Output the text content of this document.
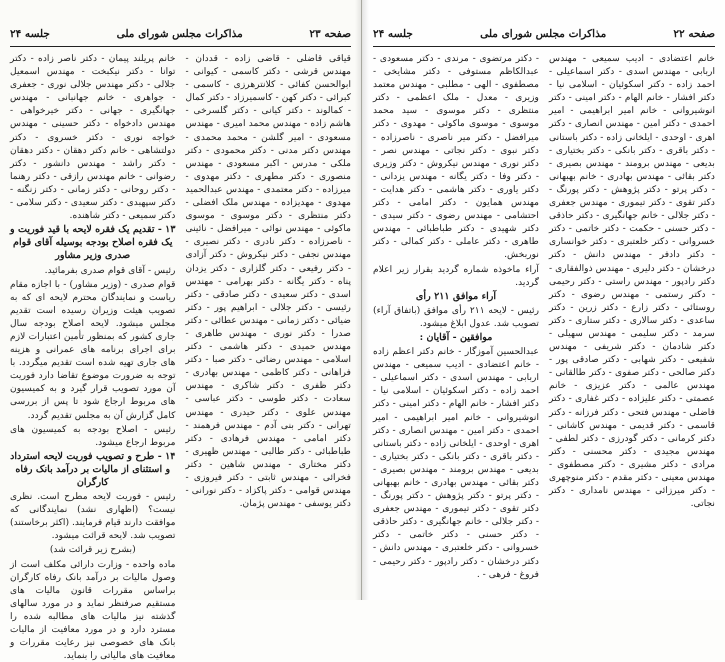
صفحه ۲۳
مذاکرات مجلس شورای ملی
جلسه ۲۴

قیاقی قاضلی - قاضی زاده - قددان - مهندس قرشی - دکتر کاسمی - کیوانی - ابوالحسن کفائی - کلانترهرزی - کاسمی - کبرائی - دکتر کهن - کاسمیرزاد - دکتر کمال - کمالوند - دکتر کیانی - دکتر گلسرخی - هاشم زاده - مهندس محمد امیری - مهندس مسعودی - امیر گلشن - محمد محمدی - مهندس دکتر مدنی - دکتر محمودی - دکتر ملکی - مدرس - اکبر مسعودی - مهندس منصوری - دکتر مطهری - دکتر مهدوی - میرزاده - دکتر معتمدی - مهندس عبدالحمید مهدوی - مهدیزاده - مهندس ملک افضلی - دکتر منتظری - دکتر موسوی - موسوی ماکوئی - مهندس نوائی - میرافضل - نائینی - ناصرزاده - دکتر نادری - دکتر نصیری - مهندس نجفی - دکتر نیکروش - دکتر آزادی - دکتر رفیعی - دکتر گلزاری - دکتر یزدان پناه - دکتر یگانه - دکتر بهرامی - مهندس اسدی - دکتر سعیدی - دکتر صادقی - دکتر رئیسی - دکتر جلالی - ابراهیم پور - دکتر ضیائی - دکتر زمانی - مهندس عطائی - دکتر صدرا - دکتر نوری - مهندس طاهری - مهندس حمیدی - دکتر هاشمی - دکتر اسلامی - مهندس رضائی - دکتر صبا - دکتر فراهانی - دکتر کاظمی - مهندس بهادری - دکتر ظفری - دکتر شاکری - مهندس سعادت - دکتر طوسی - دکتر عباسی - مهندس علوی - دکتر حیدری - مهندس تهرانی - دکتر بنی آدم - مهندس فرهمند - دکتر امامی - مهندس فرهادی - دکتر طباطبائی - دکتر طالبی - مهندس ظهیری - دکتر مختاری - مهندس شاهین - دکتر فخرائی - مهندس ثابتی - دکتر فیروزی - مهندس قوامی - دکتر پاکزاد - دکتر نورانی - دکتر یوسفی - مهندس پژمان.

خانم پریلند پیمان - دکتر ناصر زاده - دکتر توانا - دکتر نیکبخت - مهندس اسمعیل جلالی - دکتر مهندس جلالی نوری - جعفری - جواهری - خانم جهانبانی - مهندس جهانگیری - جهانی - دکتر خیرخواهی - مهندس دادخواه - دکتر حسینی - مهندس خواجه نوری - دکتر خسروی - دکتر دولتشاهی - خانم دکتر دهقان - دکتر دهقان - دکتر راشد - مهندس دانشور - دکتر رضوانی - خانم مهندس رازقی - دکتر رهنما - دکتر روحانی - دکتر زمانی - دکتر زنگنه - دکتر سپهبدی - دکتر سعیدی - دکتر سلامی - دکتر سمیعی - دکتر شاهنده.

۱۳ - تقدیم یک فقره لایحه با قید فوریت و یک فقره اصلاح بودجه بوسیله آقای قوام صدری وزیر مشاور

رئیس - آقای قوام صدری بفرمائید.

قوام صدری - (وزیر مشاور) - با اجازه مقام ریاست و نمایندگان محترم لایحه ای که به تصویب هیئت وزیران رسیده است تقدیم مجلس میشود. لایحه اصلاح بودجه سال جاری کشور که بمنظور تأمین اعتبارات لازم برای اجرای برنامه های عمرانی و هزینه های جاری تهیه شده است تقدیم میگردد. با توجه به ضرورت موضوع تقاضا دارد فوریت آن مورد تصویب قرار گیرد و به کمیسیون های مربوط ارجاع شود تا پس از بررسی کامل گزارش آن به مجلس تقدیم گردد.

رئیس - اصلاح بودجه به کمیسیون های مربوط ارجاع میشود.

۱۴ - طرح و تصویب فوریت لایحه استرداد و استثنای از مالیات بر درآمد بانک رفاه کارگران

رئیس - فوریت لایحه مطرح است. نظری نیست؟ (اظهاری نشد) نمایندگانی که موافقت دارند قیام فرمایند. (اکثر برخاستند) تصویب شد. لایحه قرائت میشود.

(بشرح زیر قرائت شد)

ماده واحده - وزارت دارائی مکلف است از وصول مالیات بر درآمد بانک رفاه کارگران براساس مقررات قانون مالیات های مستقیم صرفنظر نماید و در مورد سالهای گذشته نیز مالیات های مطالبه شده را مسترد دارد و در مورد معافیت از مالیات بانک های خصوصی نیز رعایت مقررات و معافیت های مالیاتی را بنماید.

صفحه ۲۲
مذاکرات مجلس شورای ملی
جلسه ۲۴

خانم اعتضادی - ادیب سمیعی - مهندس اربابی - مهندس اسدی - دکتر اسماعیلی - احمد زاده - دکتر اسکوئیان - اسلامی نیا - دکتر افشار - خانم الهام - دکتر امینی - دکتر انوشیروانی - خانم امیر ابراهیمی - امیر احمدی - دکتر امین - مهندس انصاری - دکتر اهری - اوحدی - ایلخانی زاده - دکتر باستانی - دکتر باقری - دکتر بانکی - دکتر بختیاری - بدیعی - مهندس برومند - مهندس بصیری - دکتر بقائی - مهندس بهادری - خانم بهبهانی - دکتر پرتو - دکتر پژوهش - دکتر پورنگ - دکتر تقوی - دکتر تیموری - مهندس جعفری - دکتر جلالی - خانم جهانگیری - دکتر حاذقی - دکتر حسنی - حکمت - دکتر خاتمی - دکتر خسروانی - دکتر خلعتبری - دکتر خوانساری - دکتر دادفر - مهندس دانش - دکتر درخشان - دکتر دلیری - مهندس ذوالفقاری - دکتر رادپور - مهندس راستی - دکتر رحیمی - دکتر رستمی - مهندس رضوی - دکتر روستائی - دکتر زارع - دکتر زرین - دکتر ساعدی - دکتر سالاری - دکتر ستاری - دکتر سرمد - دکتر سلیمی - مهندس سهیلی - دکتر شادمان - دکتر شریفی - مهندس شفیعی - دکتر شهابی - دکتر صادقی پور - دکتر صالحی - دکتر صفوی - دکتر طالقانی - مهندس عالمی - دکتر عزیزی - خانم عصمتی - دکتر علیزاده - دکتر غفاری - دکتر فاضلی - مهندس فتحی - دکتر فرزانه - دکتر قاسمی - دکتر قدیمی - مهندس کاشانی - دکتر کرمانی - دکتر گودرزی - دکتر لطفی - مهندس مجیدی - دکتر محسنی - دکتر مرادی - دکتر مشیری - دکتر مصطفوی - مهندس معینی - دکتر مقدم - دکتر منوچهری - دکتر میرزائی - مهندس نامداری - دکتر نجاتی.

- دکتر مرتضوی - مرندی - دکتر مسعودی - عبدالکاظم مستوفی - دکتر مشایخی - مصطفوی - الهی - مطلبی - مهندس معتمد وزیری - معدل - ملک اعظمی - دکتر منتظری - دکتر موسوی - سید محمد موسوی - موسوی ماکوئی - مهدوی - دکتر میرافضل - دکتر میر ناصری - ناصرزاده - دکتر نبوی - دکتر نجاتی - مهندس نصر - دکتر نوری - مهندس نیکروش - دکتر وزیری - دکتر وفا - دکتر یگانه - مهندس یزدانی - دکتر یاوری - دکتر هاشمی - دکتر هدایت - مهندس همایون - دکتر امامی - دکتر احتشامی - مهندس رضوی - دکتر سیدی - دکتر شهیدی - دکتر طباطبائی - مهندس طاهری - دکتر عاملی - دکتر کمالی - دکتر نوربخش.

آراء ماخوذه شماره گردید بقرار زیر اعلام گردید.

آراء موافق ۲۱۱ رأی

رئیس - لایحه ۲۱۱ رأی موافق (باتفاق آراء) تصویب شد. عدول ابلاغ میشود.

موافقین - آقایان :

عبدالحسین آموزگار - خانم دکتر اعظم زاده - خانم اعتضادی - ادیب سمیعی - مهندس اربابی - مهندس اسدی - دکتر اسماعیلی - احمد زاده - دکتر اسکوئیان - اسلامی نیا - دکتر افشار - خانم الهام - دکتر امینی - دکتر انوشیروانی - خانم امیر ابراهیمی - امیر احمدی - دکتر امین - مهندس انصاری - دکتر اهری - اوحدی - ایلخانی زاده - دکتر باستانی - دکتر باقری - دکتر بانکی - دکتر بختیاری - بدیعی - مهندس برومند - مهندس بصیری - دکتر بقائی - مهندس بهادری - خانم بهبهانی - دکتر پرتو - دکتر پژوهش - دکتر پورنگ - دکتر تقوی - دکتر تیموری - مهندس جعفری - دکتر جلالی - خانم جهانگیری - دکتر حاذقی - دکتر حسنی - دکتر خاتمی - دکتر خسروانی - دکتر خلعتبری - مهندس دانش - دکتر درخشان - دکتر رادپور - دکتر رحیمی - فروغ - فرهی - .
